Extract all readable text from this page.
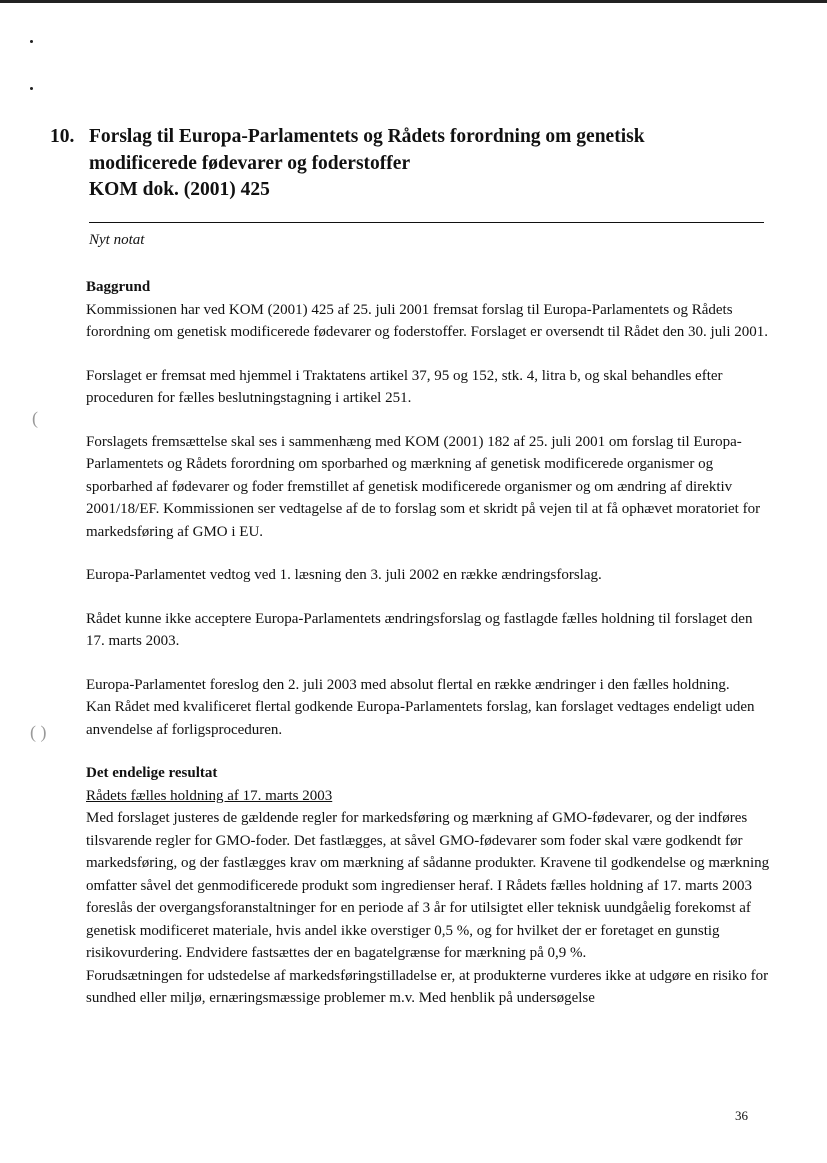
(
( )
10. Forslag til Europa-Parlamentets og Rådets forordning om genetisk
modificerede fødevarer og foderstoffer
KOM dok. (2001) 425
Nyt notat

Baggrund

Kommissionen har ved KOM (2001) 425 af 25. juli 2001 fremsat forslag til Europa-Parlamentets og Rådets forordning om genetisk modificerede fødevarer og foderstoffer. Forslaget er oversendt til Rådet den 30. juli 2001.

Forslaget er fremsat med hjemmel i Traktatens artikel 37, 95 og 152, stk. 4, litra b, og skal behandles efter proceduren for fælles beslutningstagning i artikel 251.

Forslagets fremsættelse skal ses i sammenhæng med KOM (2001) 182 af 25. juli 2001 om forslag til Europa-Parlamentets og Rådets forordning om sporbarhed og mærkning af genetisk modificerede organismer og sporbarhed af fødevarer og foder fremstillet af genetisk modificerede organismer og om ændring af direktiv 2001/18/EF. Kommissionen ser vedtagelse af de to forslag som et skridt på vejen til at få ophævet moratoriet for markedsføring af GMO i EU.

Europa-Parlamentet vedtog ved 1. læsning den 3. juli 2002 en række ændringsforslag.

Rådet kunne ikke acceptere Europa-Parlamentets ændringsforslag og fastlagde fælles holdning til forslaget den 17. marts 2003.

Europa-Parlamentet foreslog den 2. juli 2003 med absolut flertal en række ændringer i den fælles holdning.

Kan Rådet med kvalificeret flertal godkende Europa-Parlamentets forslag, kan forslaget vedtages endeligt uden anvendelse af forligsproceduren.

Det endelige resultat

Rådets fælles holdning af 17. marts 2003

Med forslaget justeres de gældende regler for markedsføring og mærkning af GMO-fødevarer, og der indføres tilsvarende regler for GMO-foder. Det fastlægges, at såvel GMO-fødevarer som foder skal være godkendt før markedsføring, og der fastlægges krav om mærkning af sådanne produkter. Kravene til godkendelse og mærkning omfatter såvel det genmodificerede produkt som ingredienser heraf. I Rådets fælles holdning af 17. marts 2003 foreslås der overgangsforanstaltninger for en periode af 3 år for utilsigtet eller teknisk uundgåelig forekomst af genetisk modificeret materiale, hvis andel ikke overstiger 0,5 %, og for hvilket der er foretaget en gunstig risikovurdering. Endvidere fastsættes der en bagatelgrænse for mærkning på 0,9 %.

Forudsætningen for udstedelse af markedsføringstilladelse er, at produkterne vurderes ikke at udgøre en risiko for sundhed eller miljø, ernæringsmæssige problemer m.v. Med henblik på undersøgelse

36
